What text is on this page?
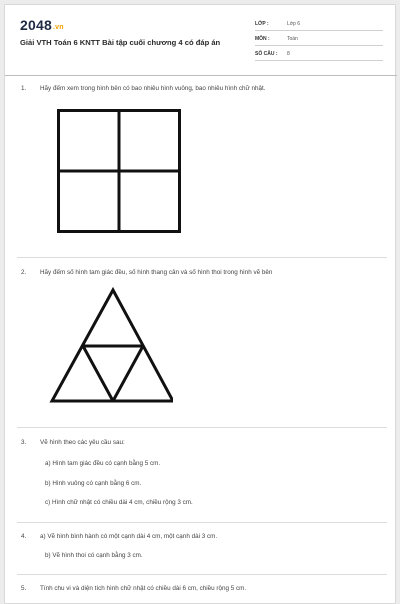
2048.vn
Giải VTH Toán 6 KNTT Bài tập cuối chương 4 có đáp án
LỚP :	Lớp 6
MÔN :	Toán
SỐ CÂU : 8
1. Hãy đếm xem trong hình bên có bao nhiêu hình vuông, bao nhiêu hình chữ nhật.
2. Hãy đếm số hình tam giác đều, số hình thang cân và số hình thoi trong hình vẽ bên
3. Vẽ hình theo các yêu cầu sau:
a) Hình tam giác đều có cạnh bằng 5 cm.
b) Hình vuông có cạnh bằng 6 cm.
c) Hình chữ nhật có chiều dài 4 cm, chiều rộng 3 cm.
4. a) Vẽ hình bình hành có một cạnh dài 4 cm, một cạnh dài 3 cm.
b) Vẽ hình thoi có cạnh bằng 3 cm.
5. Tính chu vi và diện tích hình chữ nhật có chiều dài 6 cm, chiều rộng 5 cm.
